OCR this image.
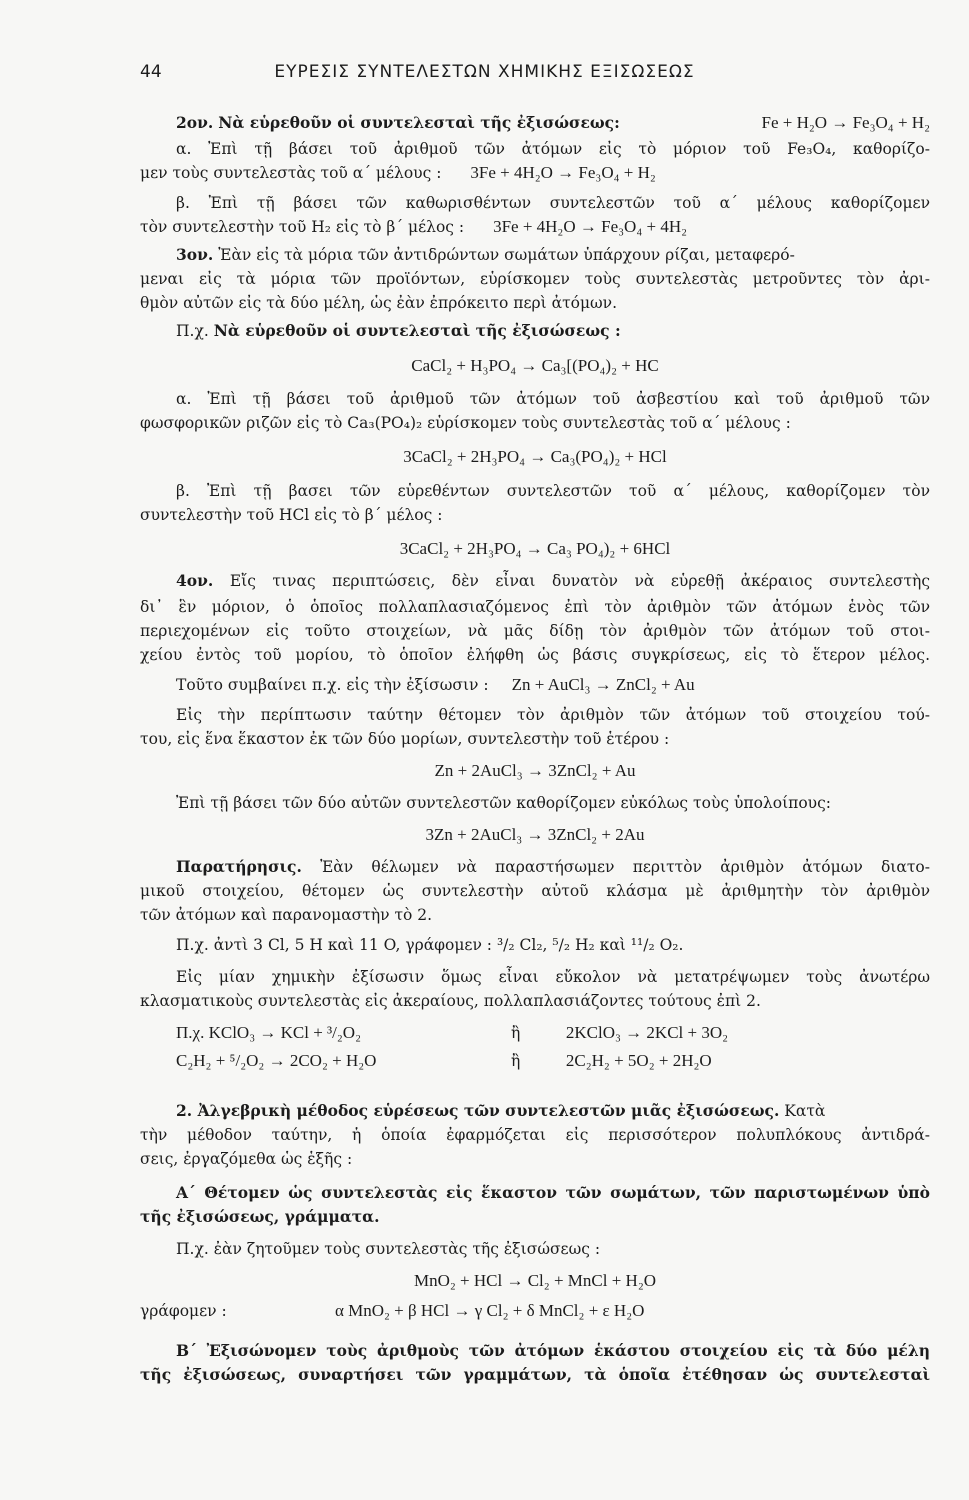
44	ΕΥΡΕΣΙΣ ΣΥΝΤΕΛΕΣΤΩΝ ΧΗΜΙΚΗΣ ΕΞΙΣΩΣΕΩΣ
2ον. Νὰ εὑρεθοῦν οἱ συντελεσταὶ τῆς ἐξισώσεως:	Fe + H₂O → Fe₃O₄ + H₂
α. Ἐπὶ τῇ βάσει τοῦ ἀριθμοῦ τῶν ἀτόμων εἰς τὸ μόριον τοῦ Fe₃O₄, καθορίζο-
μεν τοὺς συντελεστὰς τοῦ α΄ μέλους : 3Fe + 4H₂O → Fe₃O₄ + H₂
β. Ἐπὶ τῇ βάσει τῶν καθωρισθέντων συντελεστῶν τοῦ α΄ μέλους καθορίζομεν
τὸν συντελεστὴν τοῦ H₂ εἰς τὸ β΄ μέλος : 3Fe + 4H₂O → Fe₃O₄ + 4H₂
3ον. Ἐὰν εἰς τὰ μόρια τῶν ἀντιδρώντων σωμάτων ὑπάρχουν ρίζαι, μεταφερό-
μεναι εἰς τὰ μόρια τῶν προϊόντων, εὑρίσκομεν τοὺς συντελεστὰς μετροῦντες τὸν ἀρι-
θμὸν αὐτῶν εἰς τὰ δύο μέλη, ὡς ἐὰν ἐπρόκειτο περὶ ἀτόμων.
Π.χ. Νὰ εὑρεθοῦν οἱ συντελεσταὶ τῆς ἐξισώσεως :
CaCl₂ + H₃PO₄ → Ca₃[(PO₄)₂ + HC
α. Ἐπὶ τῇ βάσει τοῦ ἀριθμοῦ τῶν ἀτόμων τοῦ ἀσβεστίου καὶ τοῦ ἀριθμοῦ τῶν
φωσφορικῶν ριζῶν εἰς τὸ Ca₃(PO₄)₂ εὑρίσκομεν τοὺς συντελεστὰς τοῦ α΄ μέλους :
3CaCl₂ + 2H₃PO₄ → Ca₃(PO₄)₂ + HCl
β. Ἐπὶ τῇ βασει τῶν εὑρεθέντων συντελεστῶν τοῦ α΄ μέλους, καθορίζομεν τὸν
συντελεστὴν τοῦ HCl εἰς τὸ β΄ μέλος :
3CaCl₂ + 2H₃PO₄ → Ca₃ PO₄)₂ + 6HCl
4ον. Εἴς τινας περιπτώσεις, δὲν εἶναι δυνατὸν νὰ εὑρεθῇ ἀκέραιος συντελεστὴς
δι᾽ ἓν μόριον, ὁ ὁποῖος πολλαπλασιαζόμενος ἐπὶ τὸν ἀριθμὸν τῶν ἀτόμων ἑνὸς τῶν
περιεχομένων εἰς τοῦτο στοιχείων, νὰ μᾶς δίδῃ τὸν ἀριθμὸν τῶν ἀτόμων τοῦ στοι-
χείου ἐντὸς τοῦ μορίου, τὸ ὁποῖον ἐλήφθη ὡς βάσις συγκρίσεως, εἰς τὸ ἕτερον μέλος.
Τοῦτο συμβαίνει π.χ. εἰς τὴν ἐξίσωσιν : Zn + AuCl₃ → ZnCl₂ + Au
Εἰς τὴν περίπτωσιν ταύτην θέτομεν τὸν ἀριθμὸν τῶν ἀτόμων τοῦ στοιχείου τού-
του, εἰς ἕνα ἕκαστον ἐκ τῶν δύο μορίων, συντελεστὴν τοῦ ἑτέρου :
Zn + 2AuCl₃ → 3ZnCl₂ + Au
Ἐπὶ τῇ βάσει τῶν δύο αὐτῶν συντελεστῶν καθορίζομεν εὐκόλως τοὺς ὑπολοίπους:
3Zn + 2AuCl₃ → 3ZnCl₂ + 2Au
Παρατήρησις. Ἐὰν θέλωμεν νὰ παραστήσωμεν περιττὸν ἀριθμὸν ἀτόμων διατο-
μικοῦ στοιχείου, θέτομεν ὡς συντελεστὴν αὐτοῦ κλάσμα μὲ ἀριθμητὴν τὸν ἀριθμὸν
τῶν ἀτόμων καὶ παρανομαστὴν τὸ 2.
Π.χ. ἀντὶ 3 Cl, 5 H καὶ 11 O, γράφομεν : ³/₂ Cl₂, ⁵/₂ H₂ καὶ ¹¹/₂ O₂.
Εἰς μίαν χημικὴν ἐξίσωσιν ὅμως εἶναι εὔκολον νὰ μετατρέψωμεν τοὺς ἀνωτέρω
κλασματικοὺς συντελεστὰς εἰς ἀκεραίους, πολλαπλασιάζοντες τούτους ἐπὶ 2.
Π.χ. KClO₃ → KCl + ³/₂O₂	ἢ	2KClO₃ → 2KCl + 3O₂
C₂H₂ + ⁵/₂O₂ → 2CO₂ + H₂O	ἢ	2C₂H₂ + 5O₂ + 2H₂O
2. Ἀλγεβρικὴ μέθοδος εὑρέσεως τῶν συντελεστῶν μιᾶς ἐξισώσεως. Κατὰ
τὴν μέθοδον ταύτην, ἡ ὁποία ἐφαρμόζεται εἰς περισσότερον πολυπλόκους ἀντιδρά-
σεις, ἐργαζόμεθα ὡς ἑξῆς :
Α΄ Θέτομεν ὡς συντελεστὰς εἰς ἕκαστον τῶν σωμάτων, τῶν παριστωμένων ὑπὸ
τῆς ἐξισώσεως, γράμματα.
Π.χ. ἐὰν ζητοῦμεν τοὺς συντελεστὰς τῆς ἐξισώσεως :
MnO₂ + HCl → Cl₂ + MnCl + H₂O
γράφομεν :	α MnO₂ + β HCl → γ Cl₂ + δ MnCl₂ + ε H₂O
Β΄ Ἐξισώνομεν τοὺς ἀριθμοὺς τῶν ἀτόμων ἑκάστου στοιχείου εἰς τὰ δύο μέλη
τῆς ἐξισώσεως, συναρτήσει τῶν γραμμάτων, τὰ ὁποῖα ἐτέθησαν ὡς συντελεσταὶ
